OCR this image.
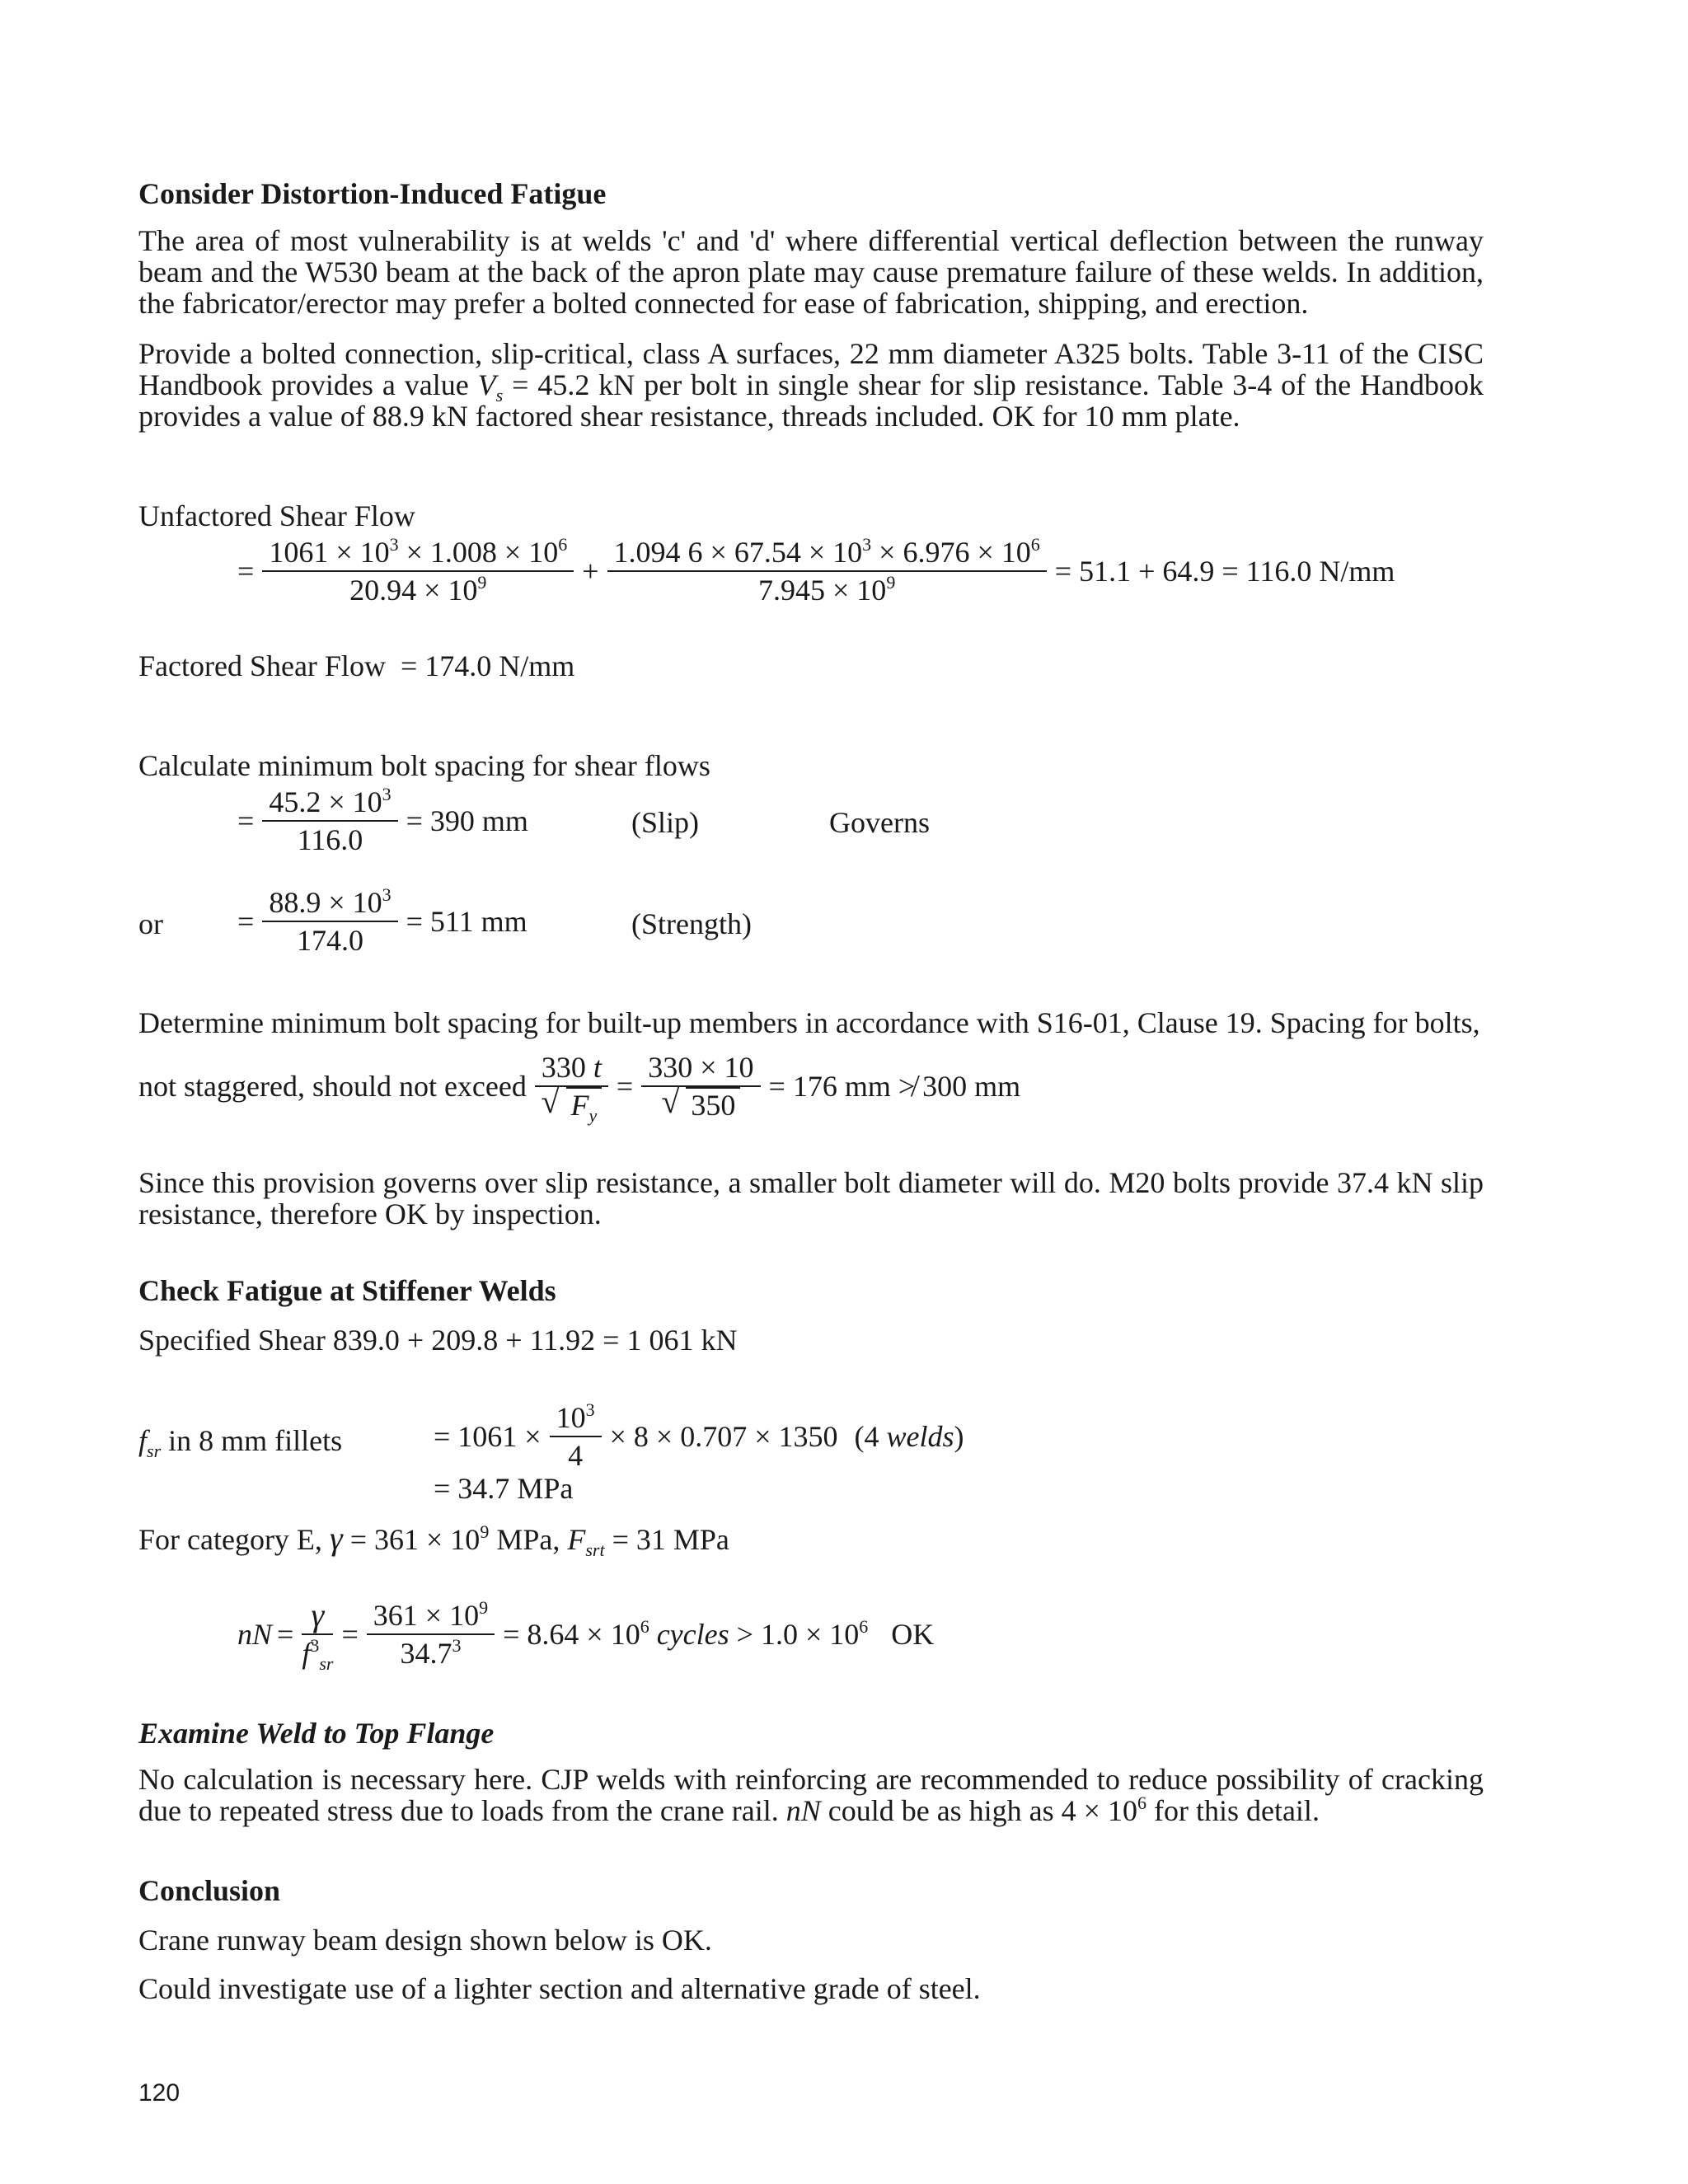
Consider Distortion-Induced Fatigue

The area of most vulnerability is at welds 'c' and 'd' where differential vertical deflection between the runway beam and the W530 beam at the back of the apron plate may cause premature failure of these welds. In addition, the fabricator/erector may prefer a bolted connected for ease of fabrication, shipping, and erection.

Provide a bolted connection, slip-critical, class A surfaces, 22 mm diameter A325 bolts. Table 3-11 of the CISC Handbook provides a value $V_s = 45.2$ kN per bolt in single shear for slip resistance. Table 3-4 of the Handbook provides a value of 88.9 kN factored shear resistance, threads included. OK for 10 mm plate.

Unfactored Shear Flow
= $\frac{1061 \times 10^3 \times 1.008 \times 10^6}{20.94 \times 10^9} + \frac{1.094 6 \times 67.54 \times 10^3 \times 6.976 \times 10^6}{7.945 \times 10^9} = 51.1 + 64.9 = 116.0$ N/mm
Factored Shear Flow = 174.0 N/mm
Calculate minimum bolt spacing for shear flows
= $\frac{45.2 \times 10^3}{116.0} = 390$ mm	(Slip)	Governs
or	= $\frac{88.9 \times 10^3}{174.0} = 511$ mm	(Strength)
Determine minimum bolt spacing for built-up members in accordance with S16-01, Clause 19. Spacing for bolts,
not staggered, should not exceed $\frac{330 t}{√ F_y} = \frac{330 \times 10}{√ 350} = 176$ mm ≯ 300 mm

Since this provision governs over slip resistance, a smaller bolt diameter will do. M20 bolts provide 37.4 kN slip resistance, therefore OK by inspection.

Check Fatigue at Stiffener Welds
Specified Shear 839.0 + 209.8 + 11.92 = 1 061 kN
$f_{sr}$ in 8 mm fillets	= $1061 \times \frac{10^3}{4} \times 8 \times 0.707 \times 1350$ (4 welds)
= 34.7 MPa
For category E, $\gamma = 361 \times 10^9$ MPa, $F_{srt} = 31$ MPa
nN = $\frac{\gamma}{f^3_{sr}} = \frac{361 \times 10^9}{34.7^3} = 8.64 \times 10^6$ cycles > $1.0 \times 10^6$ OK
Examine Weld to Top Flange

No calculation is necessary here. CJP welds with reinforcing are recommended to reduce possibility of cracking due to repeated stress due to loads from the crane rail. nN could be as high as $4 \times 10^6$ for this detail.

Conclusion
Crane runway beam design shown below is OK.
Could investigate use of a lighter section and alternative grade of steel.
120
